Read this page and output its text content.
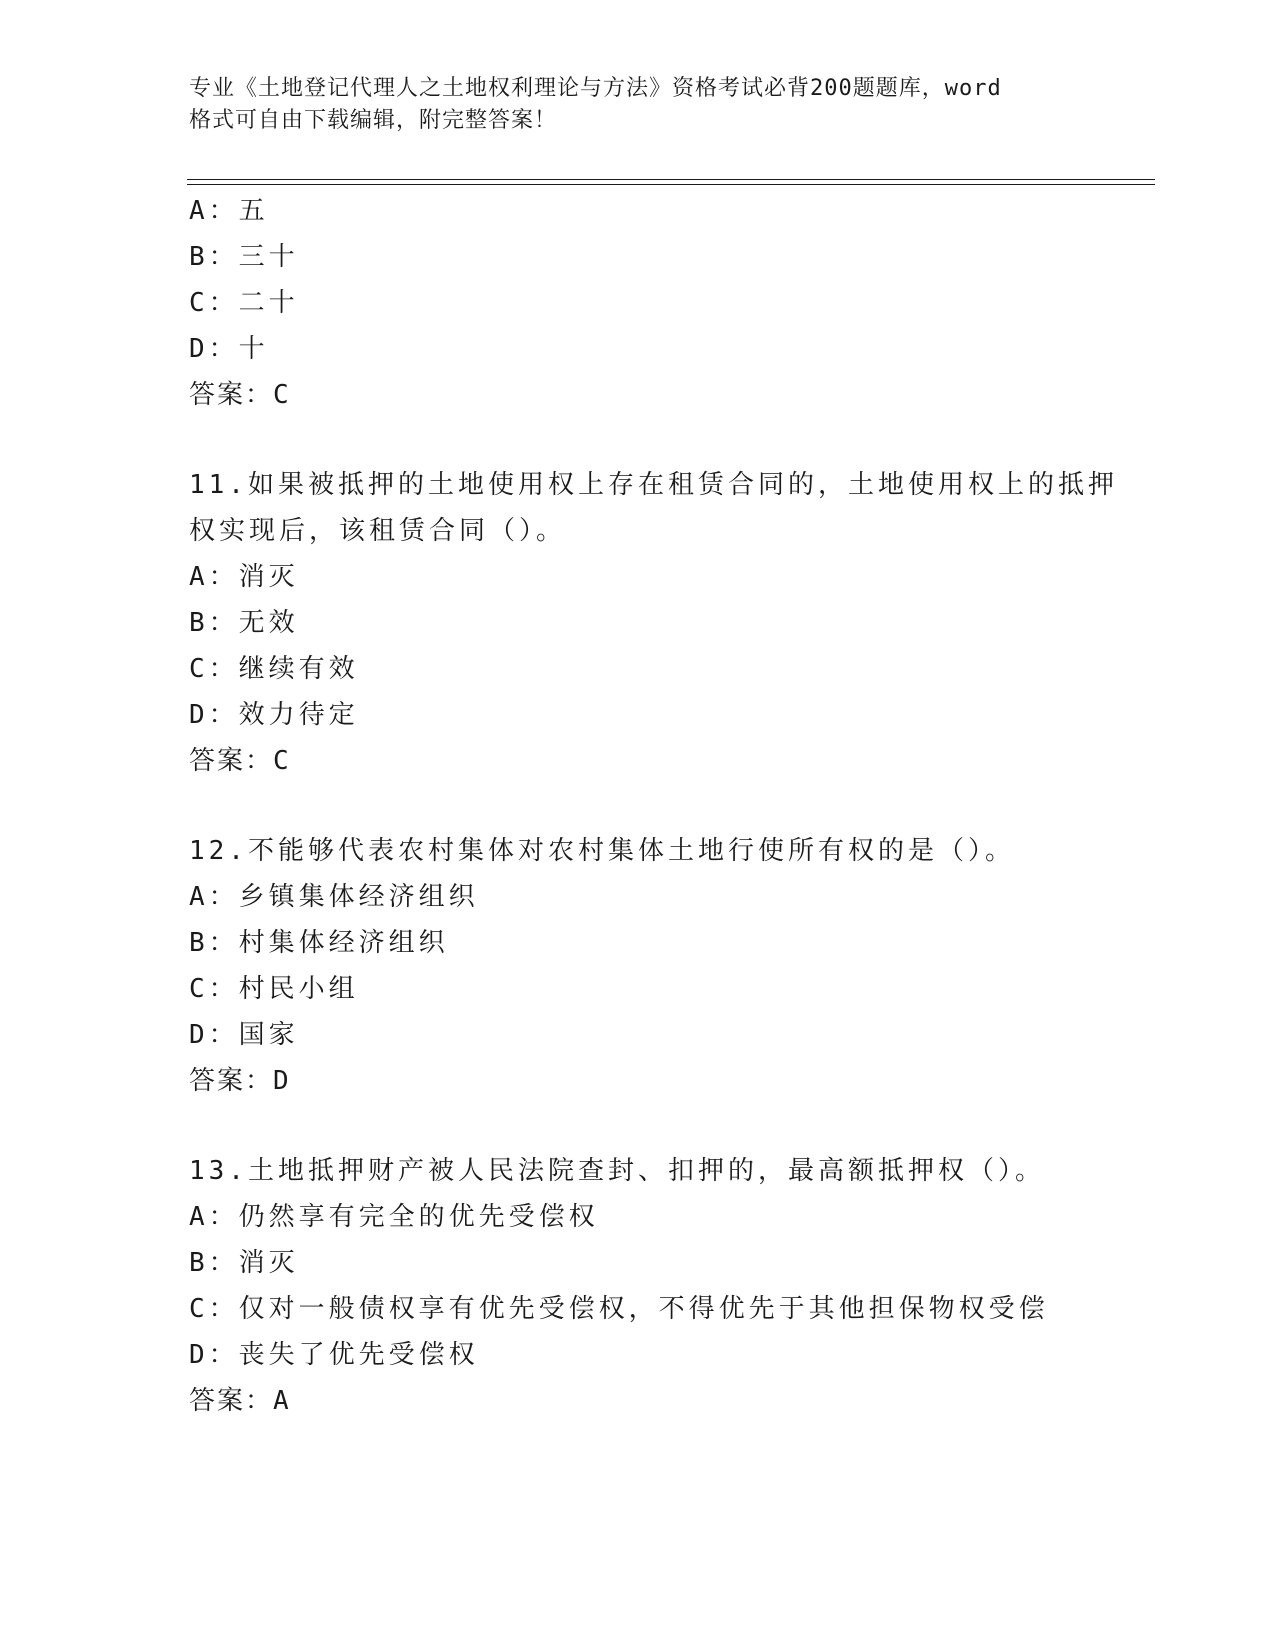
专业《土地登记代理人之土地权利理论与方法》资格考试必背200题题库，word
格式可自由下载编辑，附完整答案！
A：五
B：三十
C：二十
D：十
答案：C
11.如果被抵押的土地使用权上存在租赁合同的，土地使用权上的抵押
权实现后，该租赁合同（）。
A：消灭
B：无效
C：继续有效
D：效力待定
答案：C
12.不能够代表农村集体对农村集体土地行使所有权的是（）。
A：乡镇集体经济组织
B：村集体经济组织
C：村民小组
D：国家
答案：D
13.土地抵押财产被人民法院查封、扣押的，最高额抵押权（）。
A：仍然享有完全的优先受偿权
B：消灭
C：仅对一般债权享有优先受偿权，不得优先于其他担保物权受偿
D：丧失了优先受偿权
答案：A
